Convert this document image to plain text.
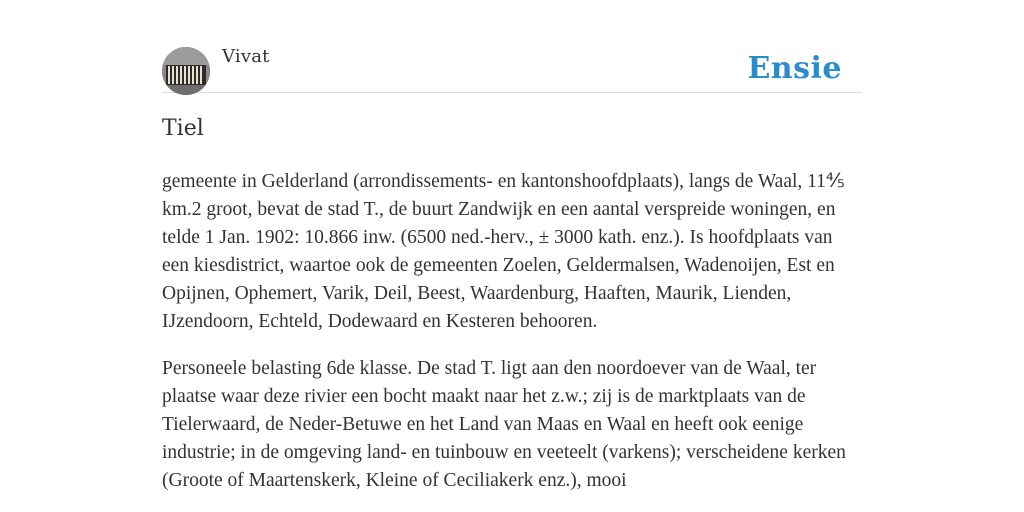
Vivat	Ensie
Tiel

gemeente in Gelderland (arrondissements- en kantonshoofdplaats), langs de Waal, 11⅘ km.2 groot, bevat de stad T., de buurt Zandwijk en een aantal verspreide woningen, en telde 1 Jan. 1902: 10.866 inw. (6500 ned.-herv., ± 3000 kath. enz.). Is hoofdplaats van een kiesdistrict, waartoe ook de gemeenten Zoelen, Geldermalsen, Wadenoijen, Est en Opijnen, Ophemert, Varik, Deil, Beest, Waardenburg, Haaften, Maurik, Lienden, IJzendoorn, Echteld, Dodewaard en Kesteren behooren.

Personeele belasting 6de klasse. De stad T. ligt aan den noordoever van de Waal, ter plaatse waar deze rivier een bocht maakt naar het z.w.; zij is de marktplaats van de Tielerwaard, de Neder-Betuwe en het Land van Maas en Waal en heeft ook eenige industrie; in de omgeving land- en tuinbouw en veeteelt (varkens); verscheidene kerken (Groote of Maartenskerk, Kleine of Ceciliakerk enz.), mooi
